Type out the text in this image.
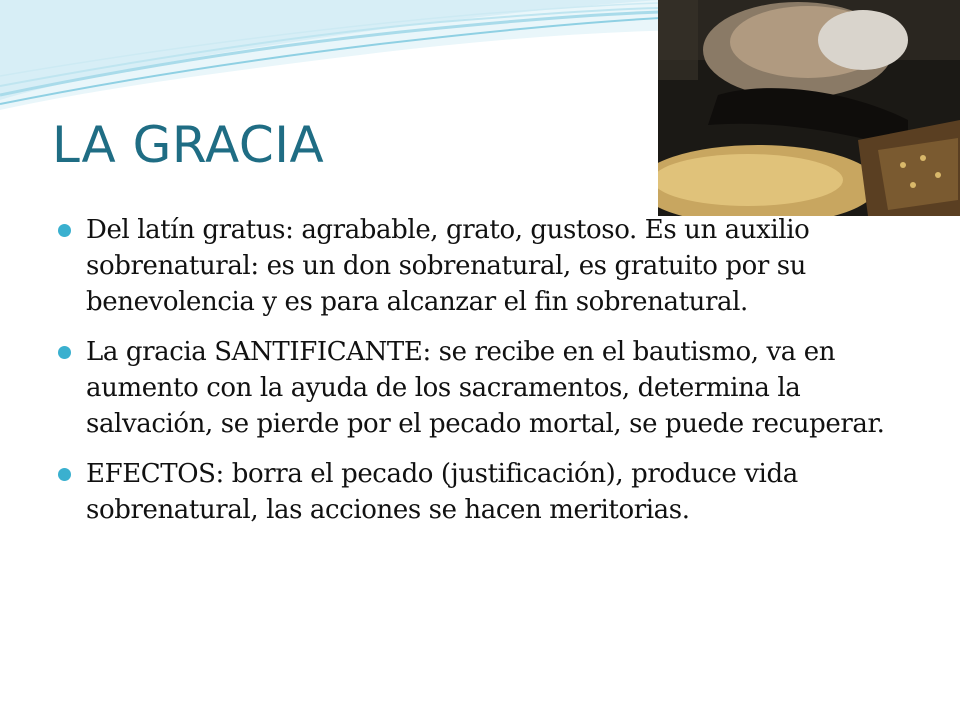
LA GRACIA
Del latín gratus: agrabable, grato, gustoso. Es un auxilio sobrenatural: es un don sobrenatural, es gratuito por su benevolencia y es para alcanzar el fin sobrenatural.
La gracia SANTIFICANTE: se recibe en el bautismo, va en aumento con la ayuda de los sacramentos, determina la salvación, se pierde por el pecado mortal, se puede recuperar.
EFECTOS: borra el pecado (justificación), produce vida sobrenatural, las acciones se hacen meritorias.
